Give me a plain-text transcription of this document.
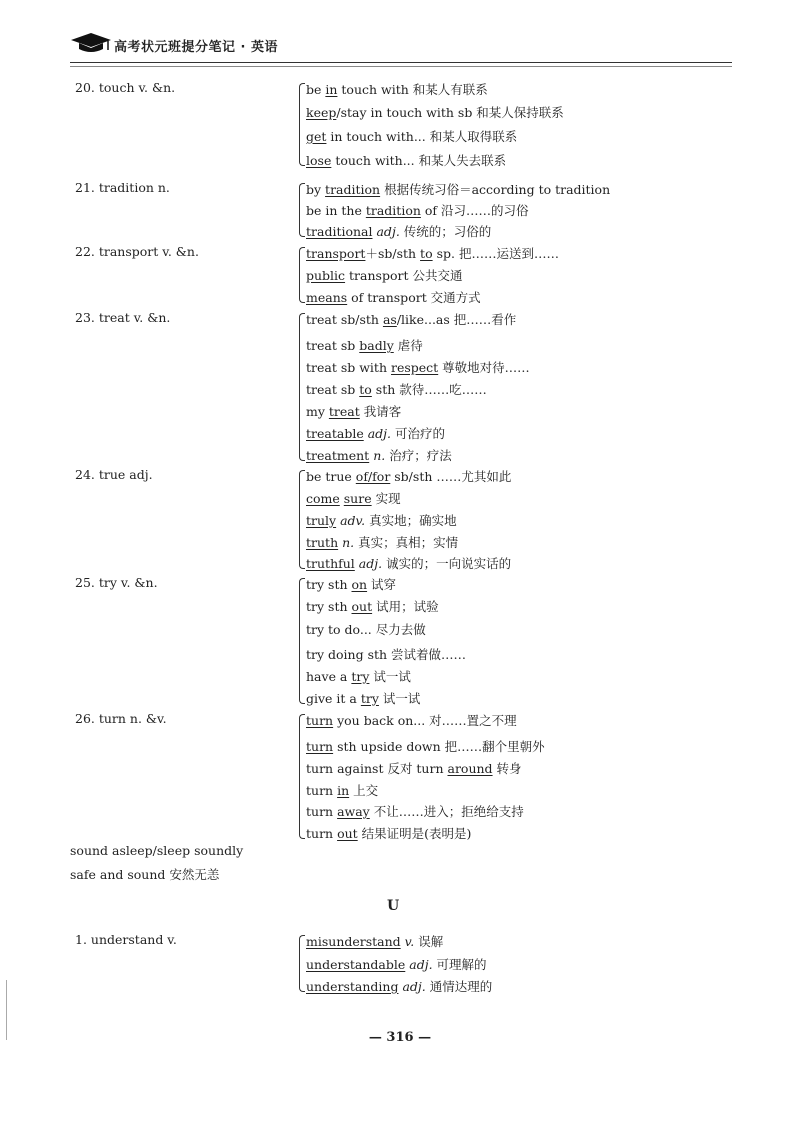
高考状元班提分笔记 · 英语
20. touch v. &n.	be in touch with 和某人有联系
keep/stay in touch with sb 和某人保持联系
get in touch with... 和某人取得联系
lose touch with... 和某人失去联系
21. tradition n.	by tradition 根据传统习俗＝according to tradition
be in the tradition of 沿习……的习俗
traditional adj. 传统的；习俗的
22. transport v. &n.	transport＋sb/sth to sp. 把……运送到……
public transport 公共交通
means of transport 交通方式
23. treat v. &n.	treat sb/sth as/like...as 把……看作
treat sb badly 虐待
treat sb with respect 尊敬地对待……
treat sb to sth 款待……吃……
my treat 我请客
treatable adj. 可治疗的
treatment n. 治疗；疗法
24. true adj.	be true of/for sb/sth ……尤其如此
come sure 实现
truly adv. 真实地；确实地
truth n. 真实；真相；实情
truthful adj. 诚实的；一向说实话的
25. try v. &n.	try sth on 试穿
try sth out 试用；试验
try to do... 尽力去做
try doing sth 尝试着做……
have a try 试一试
give it a try 试一试
26. turn n. &v.	turn you back on... 对……置之不理
turn sth upside down 把……翻个里朝外
turn against 反对 turn around 转身
turn in 上交
turn away 不让……进入；拒绝给支持
turn out 结果证明是(表明是)
1. understand v.	misunderstand v. 误解
understandable adj. 可理解的
understanding adj. 通情达理的
sound asleep/sleep soundly
safe and sound 安然无恙
U
— 316 —
